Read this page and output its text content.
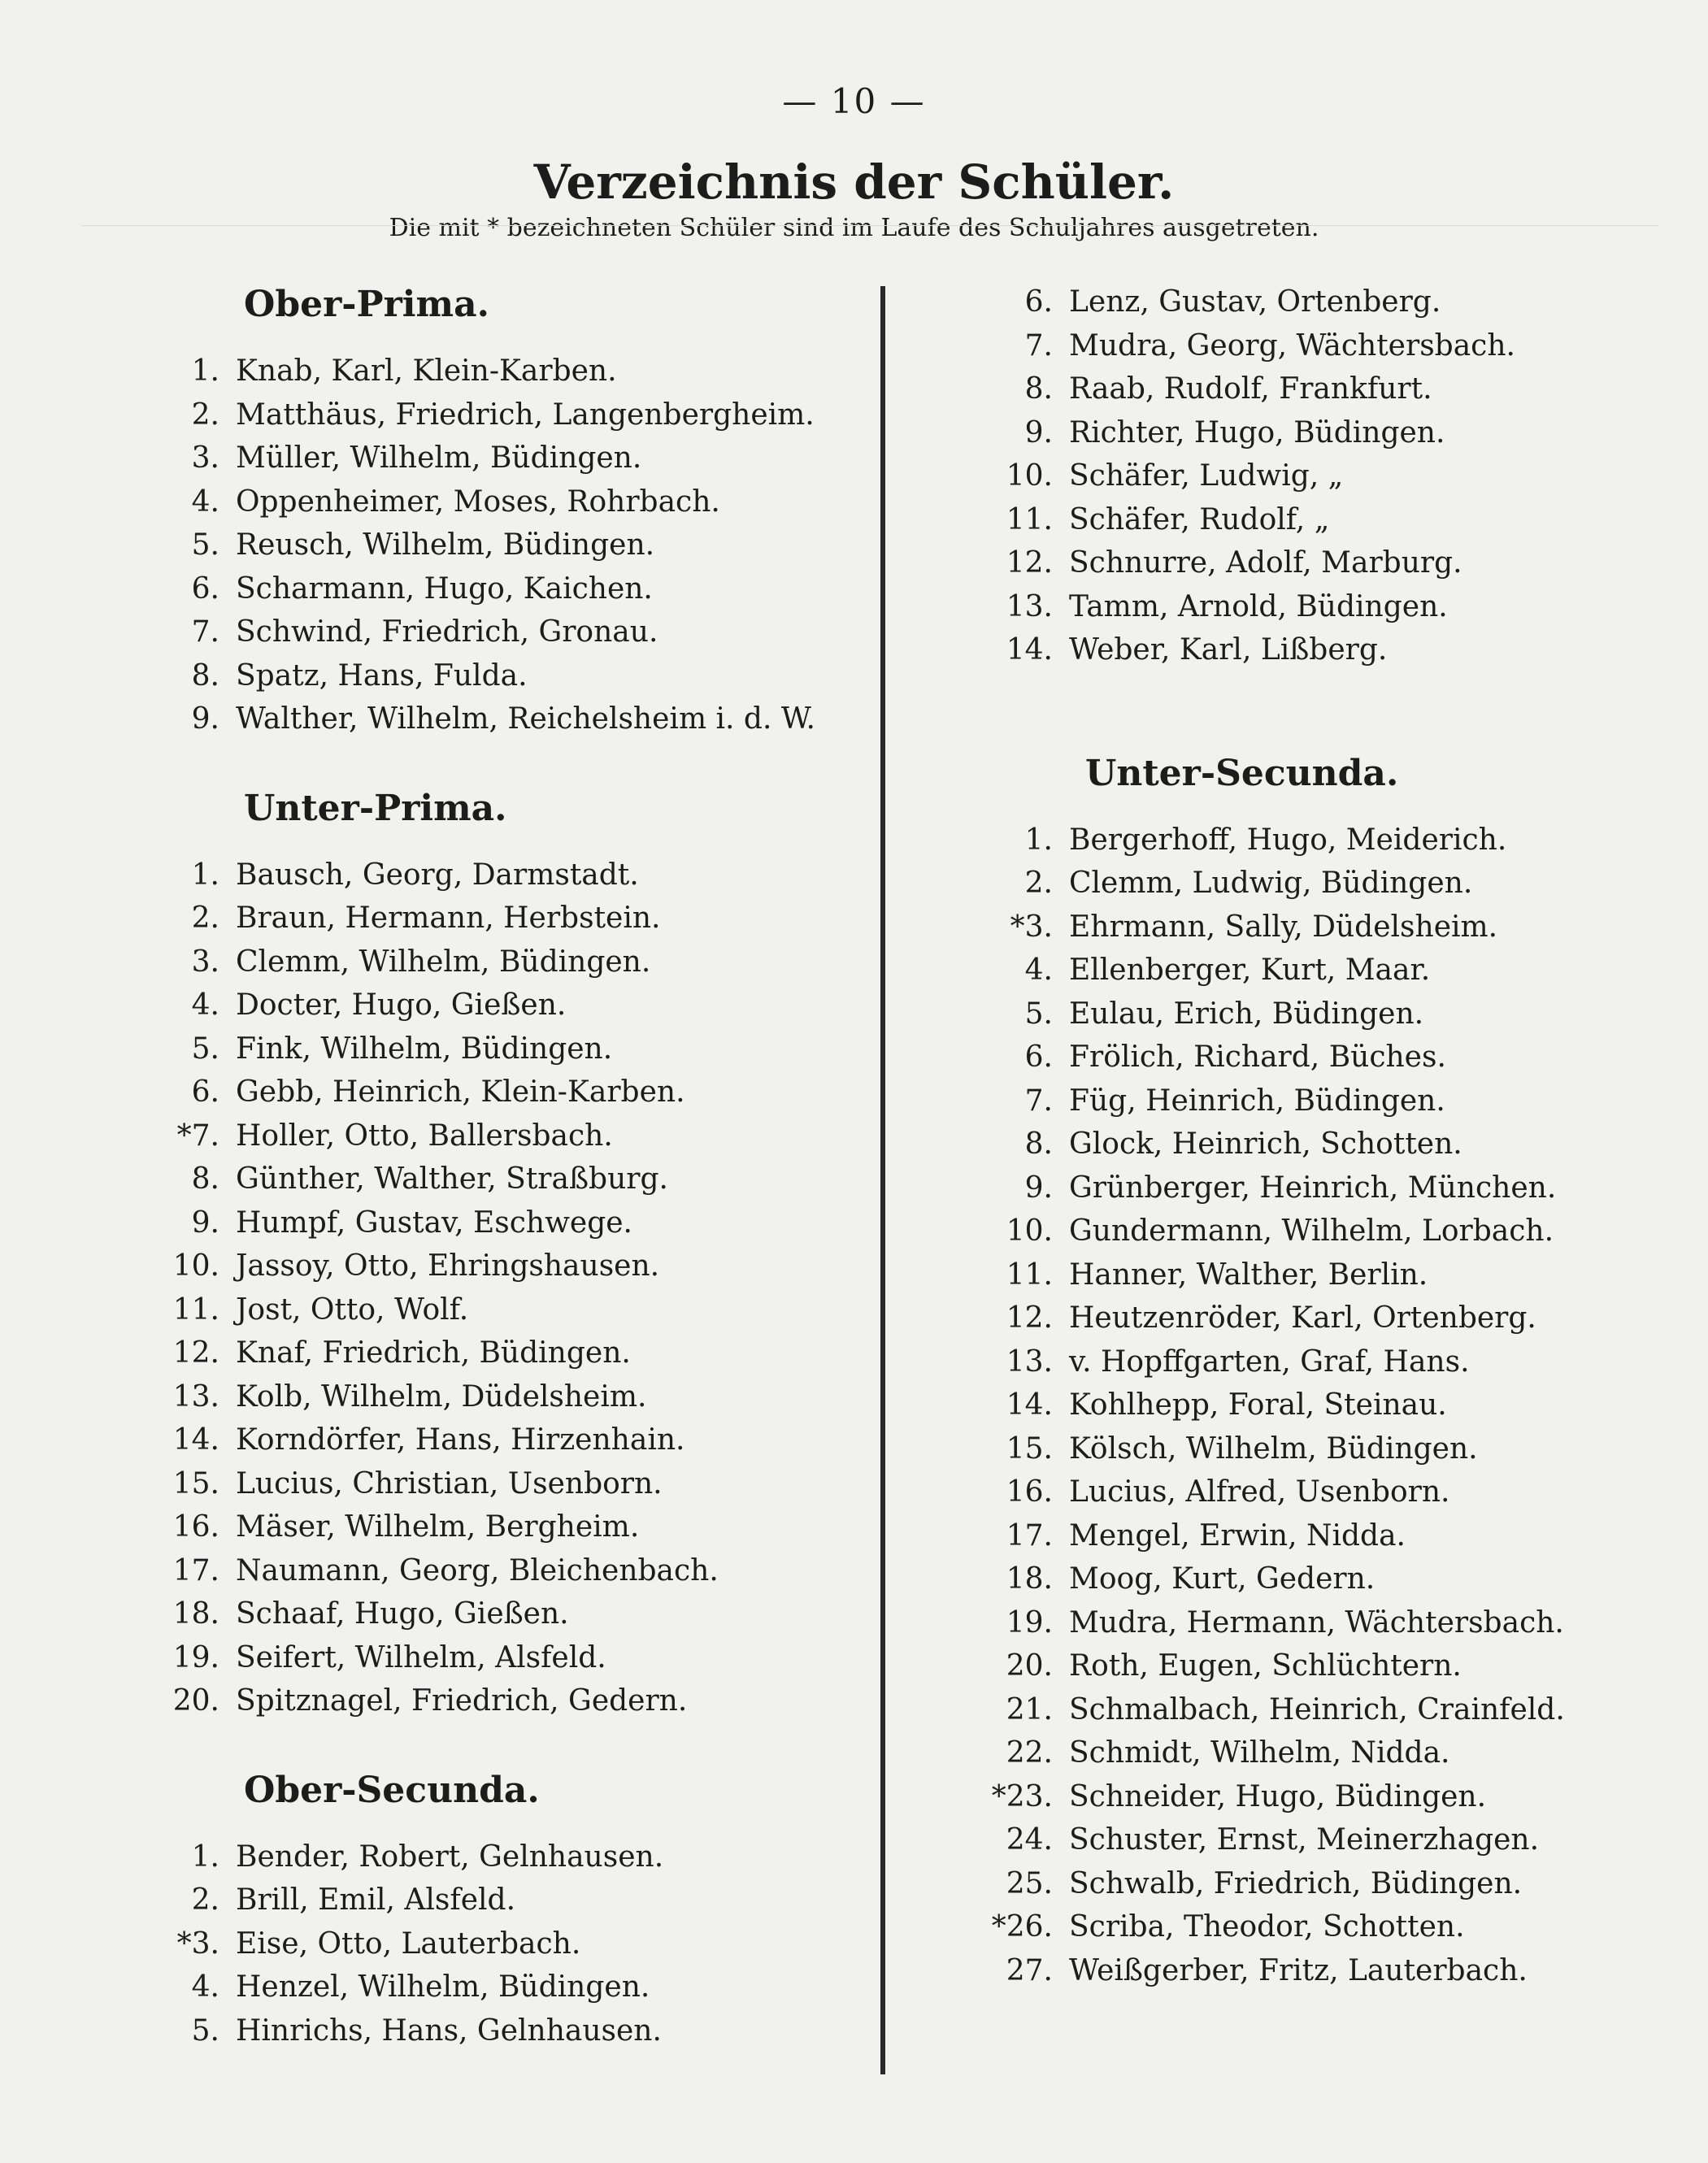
— 10 —
Verzeichnis der Schüler.
Die mit * bezeichneten Schüler sind im Laufe des Schuljahres ausgetreten.
Ober-Prima.
1. Knab, Karl, Klein-Karben.
2. Matthäus, Friedrich, Langenbergheim.
3. Müller, Wilhelm, Büdingen.
4. Oppenheimer, Moses, Rohrbach.
5. Reusch, Wilhelm, Büdingen.
6. Scharmann, Hugo, Kaichen.
7. Schwind, Friedrich, Gronau.
8. Spatz, Hans, Fulda.
9. Walther, Wilhelm, Reichelsheim i. d. W.
Unter-Prima.
1. Bausch, Georg, Darmstadt.
2. Braun, Hermann, Herbstein.
3. Clemm, Wilhelm, Büdingen.
4. Docter, Hugo, Gießen.
5. Fink, Wilhelm, Büdingen.
6. Gebb, Heinrich, Klein-Karben.
*7. Holler, Otto, Ballersbach.
8. Günther, Walther, Straßburg.
9. Humpf, Gustav, Eschwege.
10. Jassoy, Otto, Ehringshausen.
11. Jost, Otto, Wolf.
12. Knaf, Friedrich, Büdingen.
13. Kolb, Wilhelm, Düdelsheim.
14. Korndörfer, Hans, Hirzenhain.
15. Lucius, Christian, Usenborn.
16. Mäser, Wilhelm, Bergheim.
17. Naumann, Georg, Bleichenbach.
18. Schaaf, Hugo, Gießen.
19. Seifert, Wilhelm, Alsfeld.
20. Spitznagel, Friedrich, Gedern.
Ober-Secunda.
1. Bender, Robert, Gelnhausen.
2. Brill, Emil, Alsfeld.
*3. Eise, Otto, Lauterbach.
4. Henzel, Wilhelm, Büdingen.
5. Hinrichs, Hans, Gelnhausen.
6. Lenz, Gustav, Ortenberg.
7. Mudra, Georg, Wächtersbach.
8. Raab, Rudolf, Frankfurt.
9. Richter, Hugo, Büdingen.
10. Schäfer, Ludwig, „
11. Schäfer, Rudolf, „
12. Schnurre, Adolf, Marburg.
13. Tamm, Arnold, Büdingen.
14. Weber, Karl, Lißberg.
Unter-Secunda.
1. Bergerhoff, Hugo, Meiderich.
2. Clemm, Ludwig, Büdingen.
*3. Ehrmann, Sally, Düdelsheim.
4. Ellenberger, Kurt, Maar.
5. Eulau, Erich, Büdingen.
6. Frölich, Richard, Büches.
7. Füg, Heinrich, Büdingen.
8. Glock, Heinrich, Schotten.
9. Grünberger, Heinrich, München.
10. Gundermann, Wilhelm, Lorbach.
11. Hanner, Walther, Berlin.
12. Heutzenröder, Karl, Ortenberg.
13. v. Hopffgarten, Graf, Hans.
14. Kohlhepp, Foral, Steinau.
15. Kölsch, Wilhelm, Büdingen.
16. Lucius, Alfred, Usenborn.
17. Mengel, Erwin, Nidda.
18. Moog, Kurt, Gedern.
19. Mudra, Hermann, Wächtersbach.
20. Roth, Eugen, Schlüchtern.
21. Schmalbach, Heinrich, Crainfeld.
22. Schmidt, Wilhelm, Nidda.
*23. Schneider, Hugo, Büdingen.
24. Schuster, Ernst, Meinerzhagen.
25. Schwalb, Friedrich, Büdingen.
*26. Scriba, Theodor, Schotten.
27. Weißgerber, Fritz, Lauterbach.
